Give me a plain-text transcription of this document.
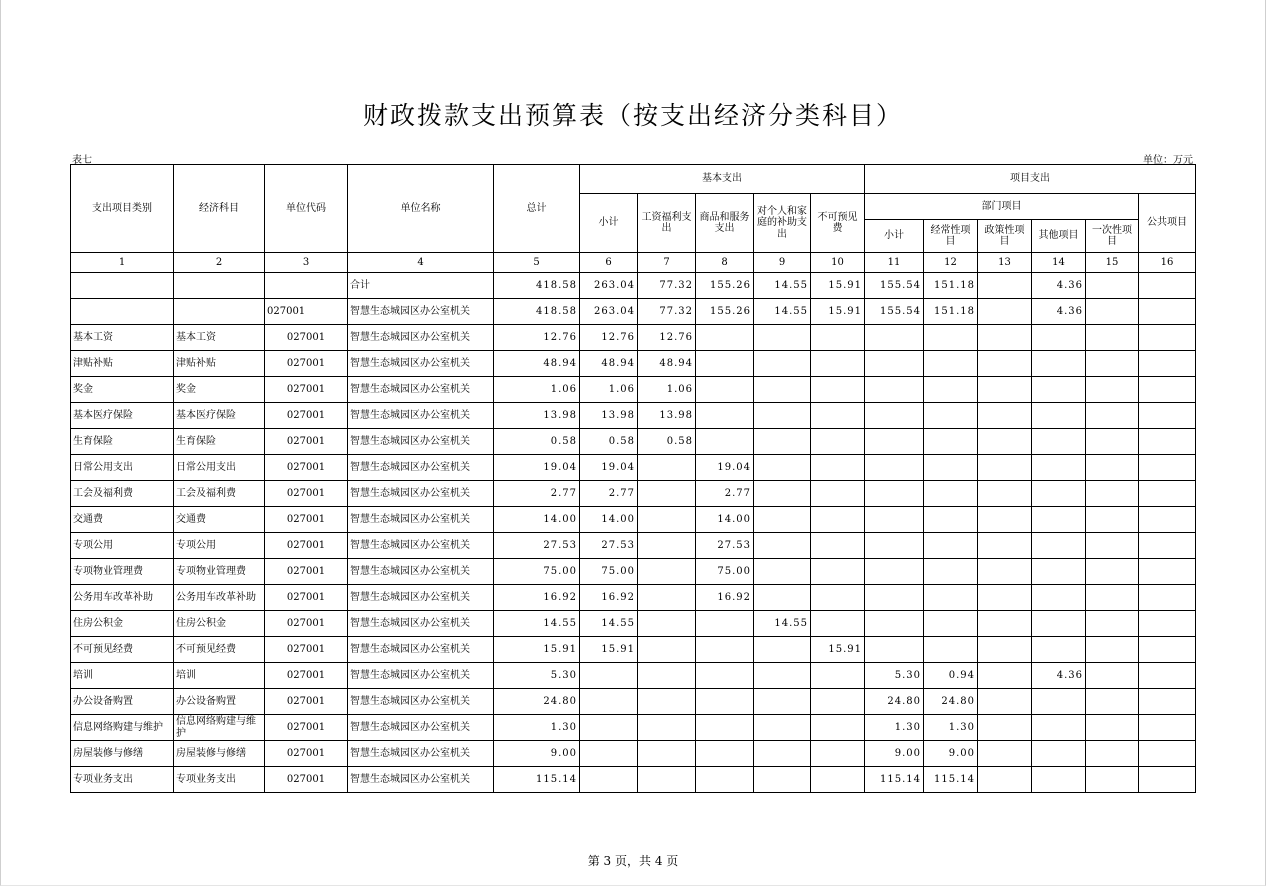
财政拨款支出预算表（按支出经济分类科目）
表七	单位：万元
支出项目类别	经济科目	单位代码	单位名称	总计	基本支出					项目支出					
					小计	工资福利支出	商品和服务支出	对个人和家庭的补助支出	不可预见费	部门项目					公共项目
										小计	经常性项目	政策性项目	其他项目	一次性项目	
1	2	3	4	5	6	7	8	9	10	11	12	13	14	15	16
			合计	418.58	263.04	77.32	155.26	14.55	15.91	155.54	151.18		4.36		
		027001	智慧生态城园区办公室机关	418.58	263.04	77.32	155.26	14.55	15.91	155.54	151.18		4.36		
基本工资	基本工资	027001	智慧生态城园区办公室机关	12.76	12.76	12.76									
津贴补贴	津贴补贴	027001	智慧生态城园区办公室机关	48.94	48.94	48.94									
奖金	奖金	027001	智慧生态城园区办公室机关	1.06	1.06	1.06									
基本医疗保险	基本医疗保险	027001	智慧生态城园区办公室机关	13.98	13.98	13.98									
生育保险	生育保险	027001	智慧生态城园区办公室机关	0.58	0.58	0.58									
日常公用支出	日常公用支出	027001	智慧生态城园区办公室机关	19.04	19.04		19.04								
工会及福利费	工会及福利费	027001	智慧生态城园区办公室机关	2.77	2.77		2.77								
交通费	交通费	027001	智慧生态城园区办公室机关	14.00	14.00		14.00								
专项公用	专项公用	027001	智慧生态城园区办公室机关	27.53	27.53		27.53								
专项物业管理费	专项物业管理费	027001	智慧生态城园区办公室机关	75.00	75.00		75.00								
公务用车改革补助	公务用车改革补助	027001	智慧生态城园区办公室机关	16.92	16.92		16.92								
住房公积金	住房公积金	027001	智慧生态城园区办公室机关	14.55	14.55			14.55							
不可预见经费	不可预见经费	027001	智慧生态城园区办公室机关	15.91	15.91				15.91						
培训	培训	027001	智慧生态城园区办公室机关	5.30						5.30	0.94		4.36		
办公设备购置	办公设备购置	027001	智慧生态城园区办公室机关	24.80						24.80	24.80				
信息网络购建与维护	信息网络购建与维护	027001	智慧生态城园区办公室机关	1.30						1.30	1.30				
房屋装修与修缮	房屋装修与修缮	027001	智慧生态城园区办公室机关	9.00						9.00	9.00				
专项业务支出	专项业务支出	027001	智慧生态城园区办公室机关	115.14						115.14	115.14				
第 3 页，共 4 页
